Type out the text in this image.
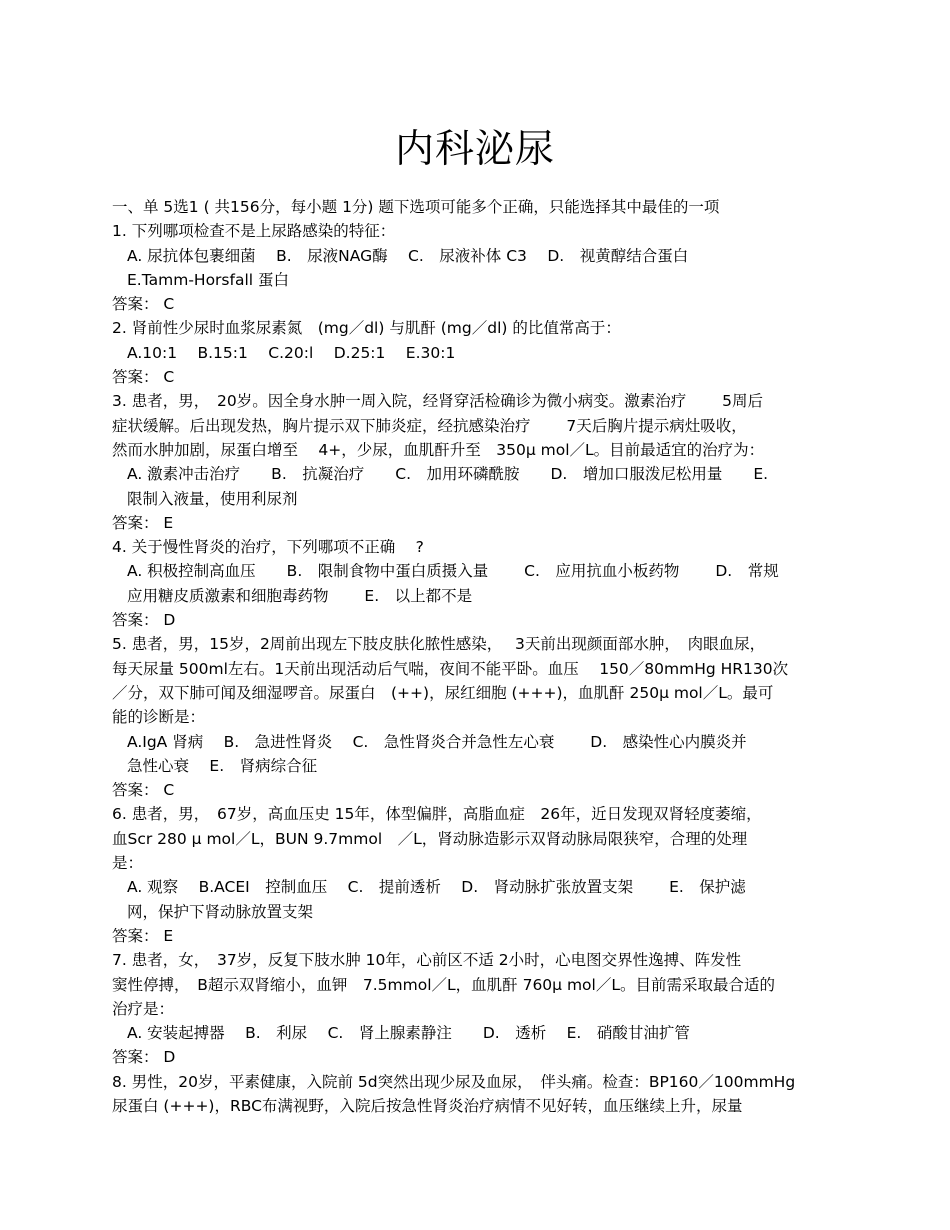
内科泌尿
一、单 5选1 ( 共156分，每小题 1分) 题下选项可能多个正确，只能选择其中最佳的一项
1. 下列哪项检查不是上尿路感染的特征：
A. 尿抗体包裹细菌　 B.　尿液NAG酶　 C.　尿液补体 C3　 D.　视黄醇结合蛋白
E.Tamm-Horsfall 蛋白
答案： C
2. 肾前性少尿时血浆尿素氮　(mg／dl) 与肌酐 (mg／dl) 的比值常高于：
A.10:1　 B.15:1　 C.20:l　 D.25:1　 E.30:1
答案： C
3. 患者，男，　20岁。因全身水肿一周入院，经肾穿活检确诊为微小病变。激素治疗　　 5周后
症状缓解。后出现发热，胸片提示双下肺炎症，经抗感染治疗　　 7天后胸片提示病灶吸收，
然而水肿加剧，尿蛋白增至　 4+，少尿，血肌酐升至　350μ mol／L。目前最适宜的治疗为：
A. 激素冲击治疗　　B.　抗凝治疗　　C.　加用环磷酰胺　　D.　增加口服泼尼松用量　　E.
限制入液量，使用利尿剂
答案： E
4. 关于慢性肾炎的治疗，下列哪项不正确　 ?
A. 积极控制高血压　　B.　限制食物中蛋白质摄入量　　 C.　应用抗血小板药物　　 D.　常规
应用糖皮质激素和细胞毒药物　　 E.　以上都不是
答案： D
5. 患者，男，15岁，2周前出现左下肢皮肤化脓性感染，　 3天前出现颜面部水肿，　肉眼血尿，
每天尿量 500ml左右。1天前出现活动后气喘，夜间不能平卧。血压　 150／80mmHg HR130次
／分，双下肺可闻及细湿啰音。尿蛋白　(++)，尿红细胞 (+++)，血肌酐 250μ mol／L。最可
能的诊断是：
A.IgA 肾病　 B.　急进性肾炎　 C.　急性肾炎合并急性左心衰　　 D.　感染性心内膜炎并
急性心衰　 E.　肾病综合征
答案： C
6. 患者，男，　67岁，高血压史 15年，体型偏胖，高脂血症　26年，近日发现双肾轻度萎缩，
血Scr 280 μ mol／L，BUN 9.7mmol　／L，肾动脉造影示双肾动脉局限狭窄，合理的处理
是：
A. 观察　 B.ACEI　控制血压　 C.　提前透析　 D.　肾动脉扩张放置支架　　 E.　保护滤
网，保护下肾动脉放置支架
答案： E
7. 患者，女，　37岁，反复下肢水肿 10年，心前区不适 2小时，心电图交界性逸搏、阵发性
窦性停搏，　B超示双肾缩小，血钾　7.5mmol／L，血肌酐 760μ mol／L。目前需采取最合适的
治疗是：
A. 安装起搏器　 B.　利尿　 C.　肾上腺素静注　　D.　透析　 E.　硝酸甘油扩管
答案： D
8. 男性，20岁，平素健康，入院前 5d突然出现少尿及血尿，　伴头痛。检查：BP160／100mmHg
尿蛋白 (+++)，RBC布满视野，入院后按急性肾炎治疗病情不见好转，血压继续上升，尿量
